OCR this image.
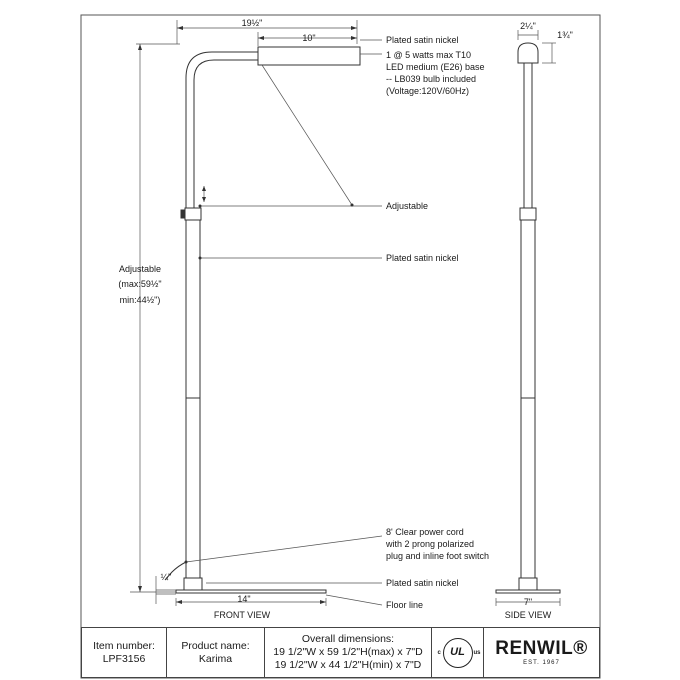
19½"
10"
Adjustable
(max:59½"
min:44½")
¼"
14"
2¼"
1¾"
7"
Plated satin nickel
1 @ 5 watts max T10
LED medium (E26) base
-- LB039 bulb included
(Voltage:120V/60Hz)
Adjustable
Plated satin nickel
8' Clear power cord
with 2 prong polarized
plug and inline foot switch
Plated satin nickel
Floor line
FRONT VIEW	SIDE VIEW
Item number:
LPF3156
Product name:
Karima
Overall dimensions:
19 1/2"W x 59 1/2"H(max) x 7"D
19 1/2"W x 44 1/2"H(min) x 7"D
c UL us RENWIL®
EST. 1967
